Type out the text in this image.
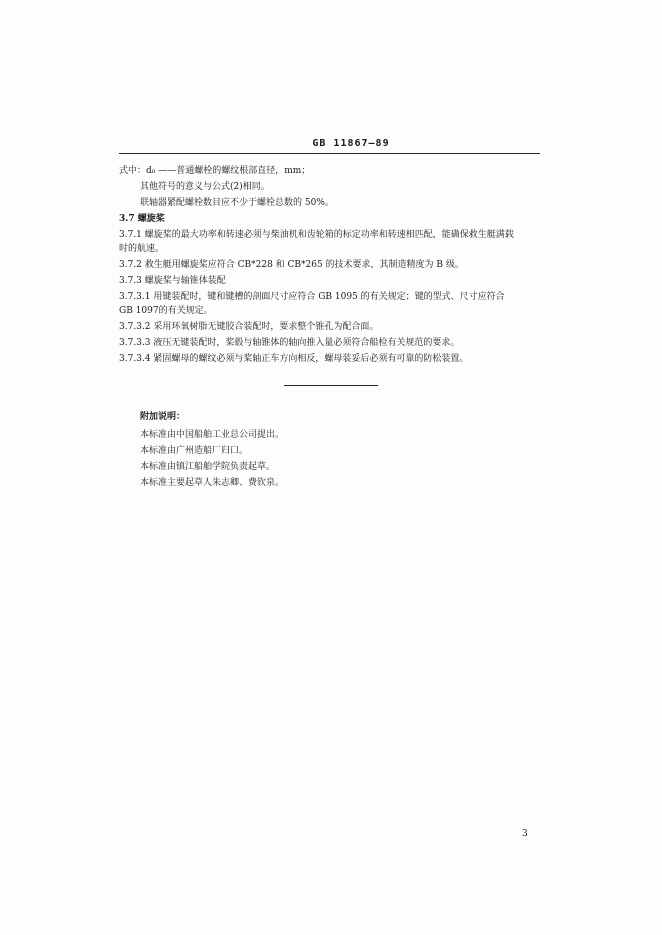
GB 11867—89
式中：d₀ ——普通螺栓的螺纹根部直径，mm；
其他符号的意义与公式(2)相同。
联轴器紧配螺栓数目应不少于螺栓总数的 50%。
3.7 螺旋桨
3.7.1 螺旋桨的最大功率和转速必须与柴油机和齿轮箱的标定功率和转速相匹配，能确保救生艇满载
时的航速。
3.7.2 救生艇用螺旋桨应符合 CB*228 和 CB*265 的技术要求，其制造精度为 B 级。
3.7.3 螺旋桨与轴锥体装配
3.7.3.1 用键装配时，键和键槽的剖面尺寸应符合 GB 1095 的有关规定；键的型式、尺寸应符合
GB 1097的有关规定。
3.7.3.2 采用环氧树脂无键胶合装配时，要求整个锥孔为配合面。
3.7.3.3 液压无键装配时，桨毂与轴锥体的轴向推入量必须符合船检有关规范的要求。
3.7.3.4 紧固螺母的螺纹必须与桨轴正车方向相反，螺母装妥后必须有可靠的防松装置。
附加说明：
本标准由中国船舶工业总公司提出。
本标准由广州造船厂归口。
本标准由镇江船舶学院负责起草。
本标准主要起草人朱志卿、费钦泉。
3
